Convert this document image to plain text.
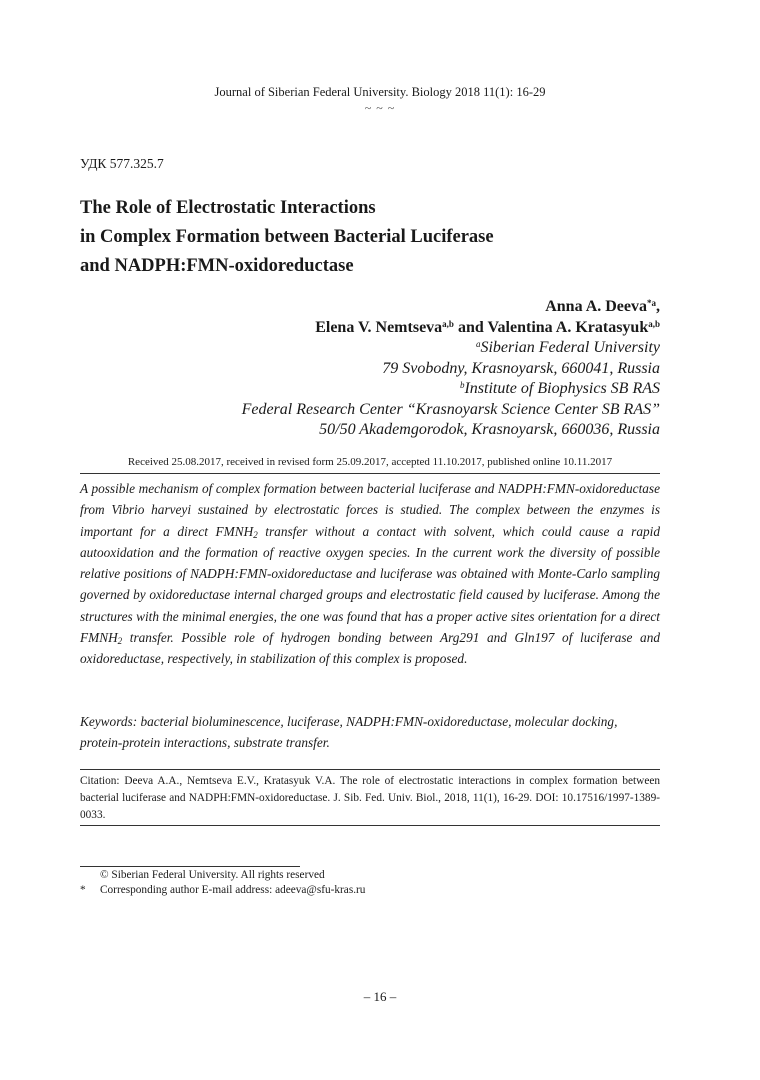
Journal of Siberian Federal University. Biology 2018 11(1): 16-29
~ ~ ~
УДК 577.325.7
The Role of Electrostatic Interactions
in Complex Formation between Bacterial Luciferase
and NADPH:FMN-oxidoreductase
Anna A. Deeva$^{*a}$,
Elena V. Nemtseva$^{a,b}$ and Valentina A. Kratasyuk$^{a,b}$
$^a$Siberian Federal University
79 Svobodny, Krasnoyarsk, 660041, Russia
$^b$Institute of Biophysics SB RAS
Federal Research Center “Krasnoyarsk Science Center SB RAS”
50/50 Akademgorodok, Krasnoyarsk, 660036, Russia
Received 25.08.2017, received in revised form 25.09.2017, accepted 11.10.2017, published online 10.11.2017
A possible mechanism of complex formation between bacterial luciferase and NADPH:FMN-oxidoreductase from Vibrio harveyi sustained by electrostatic forces is studied. The complex between the enzymes is important for a direct $FMNH_2$ transfer without a contact with solvent, which could cause a rapid autooxidation and the formation of reactive oxygen species. In the current work the diversity of possible relative positions of NADPH:FMN-oxidoreductase and luciferase was obtained with Monte-Carlo sampling governed by oxidoreductase internal charged groups and electrostatic field caused by luciferase. Among the structures with the minimal energies, the one was found that has a proper active sites orientation for a direct $FMNH_2$ transfer. Possible role of hydrogen bonding between Arg291 and Gln197 of luciferase and oxidoreductase, respectively, in stabilization of this complex is proposed.
Keywords: bacterial bioluminescence, luciferase, NADPH:FMN-oxidoreductase, molecular docking, protein-protein interactions, substrate transfer.
Citation: Deeva A.A., Nemtseva E.V., Kratasyuk V.A. The role of electrostatic interactions in complex formation between bacterial luciferase and NADPH:FMN-oxidoreductase. J. Sib. Fed. Univ. Biol., 2018, 11(1), 16-29. DOI: 10.17516/1997-1389-0033.
© Siberian Federal University. All rights reserved
* Corresponding author E-mail address: adeeva@sfu-kras.ru
– 16 –
